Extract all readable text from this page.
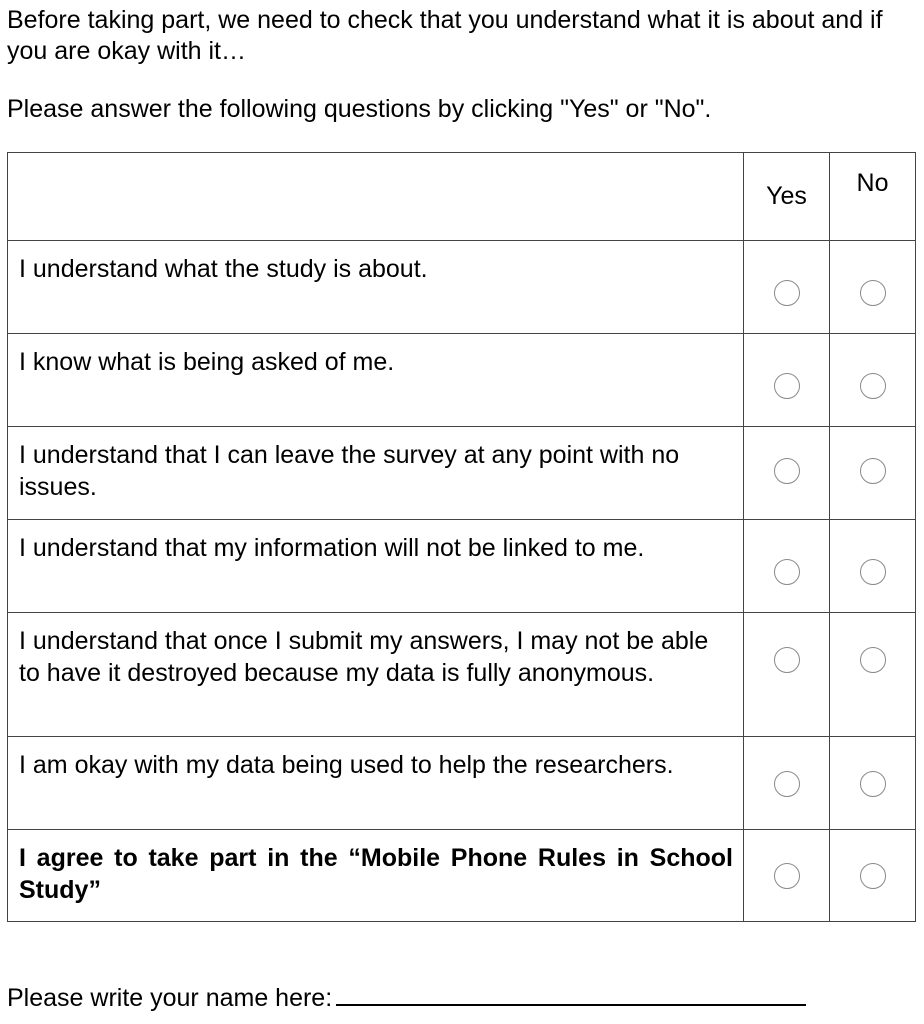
Before taking part, we need to check that you understand what it is about and if you are okay with it…

Please answer the following questions by clicking "Yes" or "No".

	Yes	No
I understand what the study is about.		
I know what is being asked of me.		
I understand that I can leave the survey at any point with no issues.		
I understand that my information will not be linked to me.		
I understand that once I submit my answers, I may not be able to have it destroyed because my data is fully anonymous.		
I am okay with my data being used to help the researchers.		
I agree to take part in the “Mobile Phone Rules in School Study”		
Please write your name here:
